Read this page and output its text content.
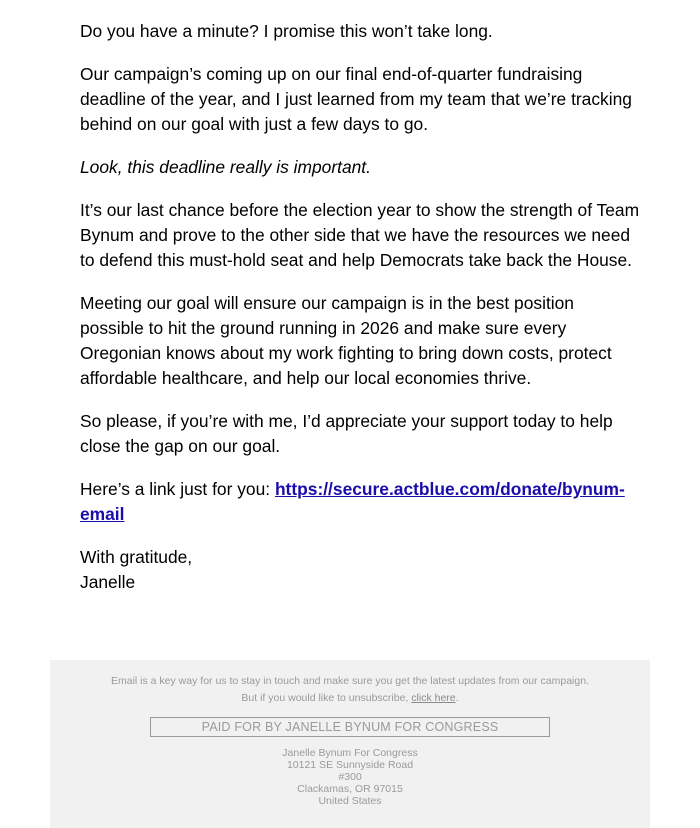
Do you have a minute? I promise this won’t take long.

Our campaign’s coming up on our final end-of-quarter fundraising deadline of the year, and I just learned from my team that we’re tracking behind on our goal with just a few days to go.

Look, this deadline really is important.

It’s our last chance before the election year to show the strength of Team Bynum and prove to the other side that we have the resources we need to defend this must-hold seat and help Democrats take back the House.

Meeting our goal will ensure our campaign is in the best position possible to hit the ground running in 2026 and make sure every Oregonian knows about my work fighting to bring down costs, protect affordable healthcare, and help our local economies thrive.

So please, if you’re with me, I’d appreciate your support today to help close the gap on our goal.

Here’s a link just for you: https://secure.actblue.com/donate/bynum-email

With gratitude,
Janelle

Email is a key way for us to stay in touch and make sure you get the latest updates from our campaign.
But if you would like to unsubscribe, click here.
PAID FOR BY JANELLE BYNUM FOR CONGRESS
Janelle Bynum For Congress
10121 SE Sunnyside Road
#300
Clackamas, OR 97015
United States
